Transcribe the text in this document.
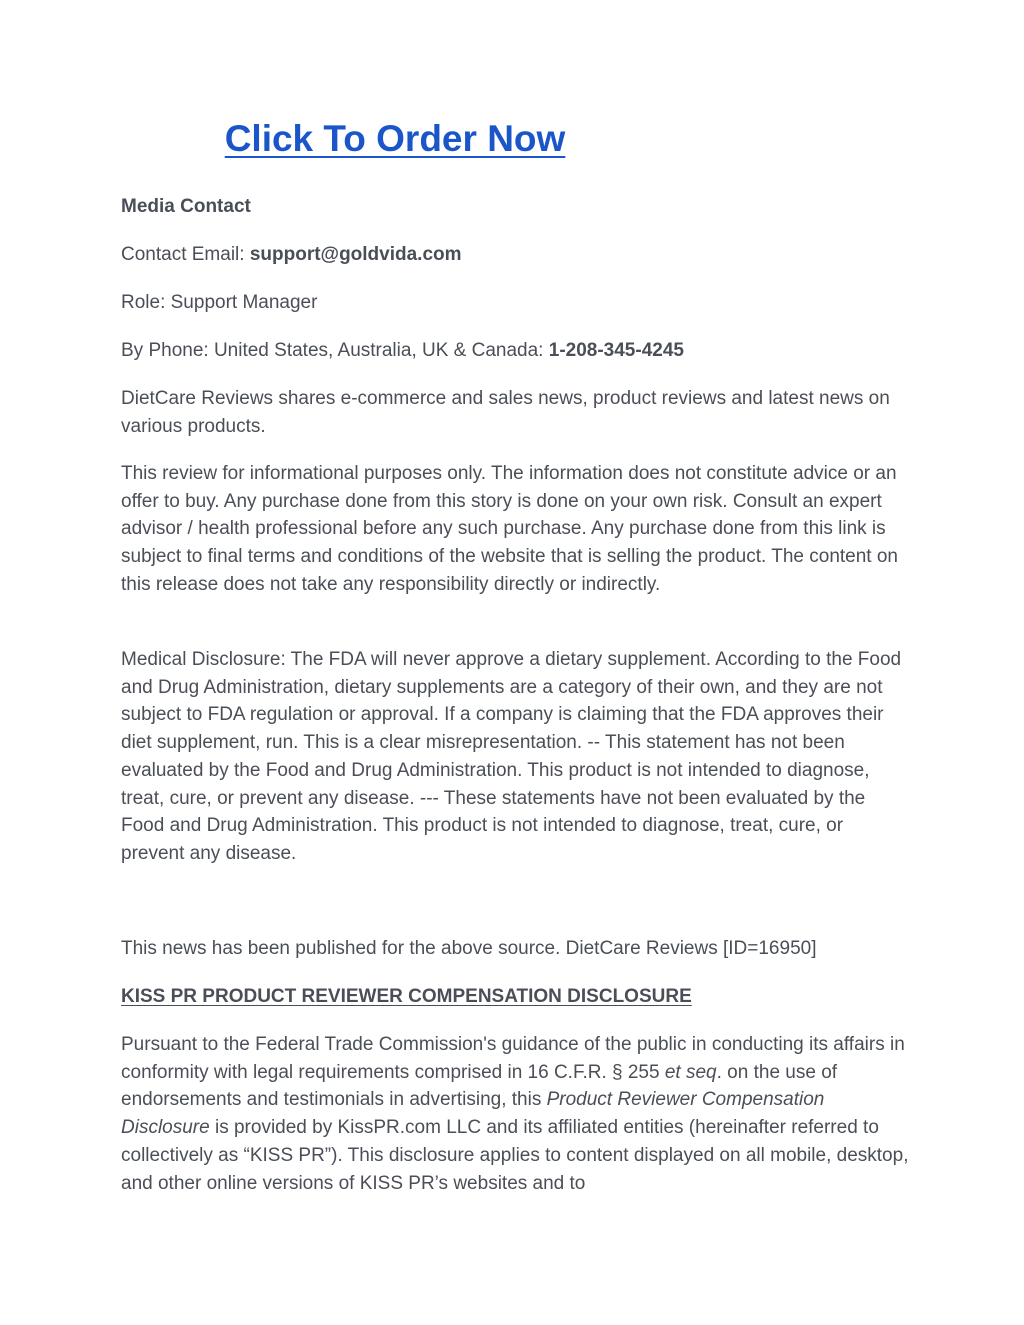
Click To Order Now

Media Contact

Contact Email: support@goldvida.com

Role: Support Manager

By Phone: United States, Australia, UK & Canada: 1-208-345-4245

DietCare Reviews shares e-commerce and sales news, product reviews and latest news on various products.

This review for informational purposes only. The information does not constitute advice or an offer to buy. Any purchase done from this story is done on your own risk. Consult an expert advisor / health professional before any such purchase. Any purchase done from this link is subject to final terms and conditions of the website that is selling the product. The content on this release does not take any responsibility directly or indirectly.

Medical Disclosure: The FDA will never approve a dietary supplement. According to the Food and Drug Administration, dietary supplements are a category of their own, and they are not subject to FDA regulation or approval. If a company is claiming that the FDA approves their diet supplement, run. This is a clear misrepresentation. -- This statement has not been evaluated by the Food and Drug Administration. This product is not intended to diagnose, treat, cure, or prevent any disease. --- These statements have not been evaluated by the Food and Drug Administration. This product is not intended to diagnose, treat, cure, or prevent any disease.

This news has been published for the above source. DietCare Reviews [ID=16950]

KISS PR PRODUCT REVIEWER COMPENSATION DISCLOSURE

Pursuant to the Federal Trade Commission's guidance of the public in conducting its affairs in conformity with legal requirements comprised in 16 C.F.R. § 255 et seq. on the use of endorsements and testimonials in advertising, this Product Reviewer Compensation Disclosure is provided by KissPR.com LLC and its affiliated entities (hereinafter referred to collectively as “KISS PR”). This disclosure applies to content displayed on all mobile, desktop, and other online versions of KISS PR’s websites and to
